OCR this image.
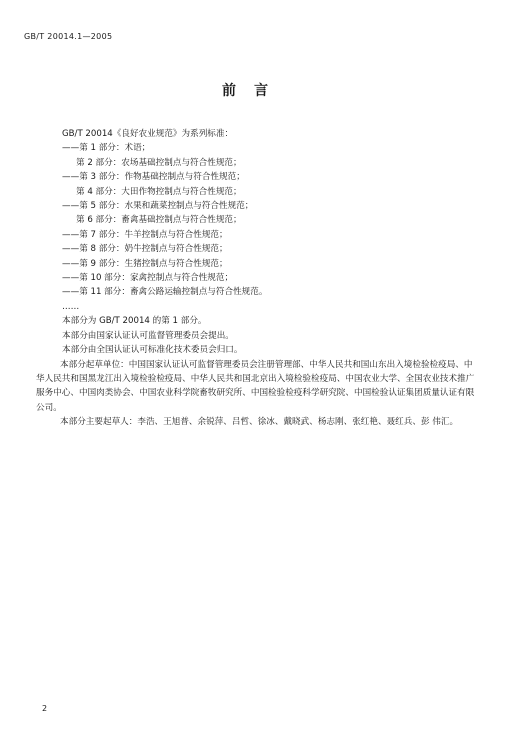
GB/T 20014.1—2005
前言
GB/T 20014《良好农业规范》为系列标准：
——第 1 部分：术语；
第 2 部分：农场基础控制点与符合性规范；
——第 3 部分：作物基础控制点与符合性规范；
第 4 部分：大田作物控制点与符合性规范；
——第 5 部分：水果和蔬菜控制点与符合性规范；
第 6 部分：畜禽基础控制点与符合性规范；
——第 7 部分：牛羊控制点与符合性规范；
——第 8 部分：奶牛控制点与符合性规范；
——第 9 部分：生猪控制点与符合性规范；
——第 10 部分：家禽控制点与符合性规范；
——第 11 部分：畜禽公路运输控制点与符合性规范。
……
本部分为 GB/T 20014 的第 1 部分。
本部分由国家认证认可监督管理委员会提出。
本部分由全国认证认可标准化技术委员会归口。
本部分起草单位：中国国家认证认可监督管理委员会注册管理部、中华人民共和国山东出入境检验检疫局、中华人民共和国黑龙江出入境检验检疫局、中华人民共和国北京出入境检验检疫局、中国农业大学、全国农业技术推广服务中心、中国肉类协会、中国农业科学院畜牧研究所、中国检验检疫科学研究院、中国检验认证集团质量认证有限公司。
本部分主要起草人：李浩、王旭普、余锐萍、吕哲、徐冰、戴晓武、杨志刚、张红艳、聂红兵、彭 伟汇。
2
